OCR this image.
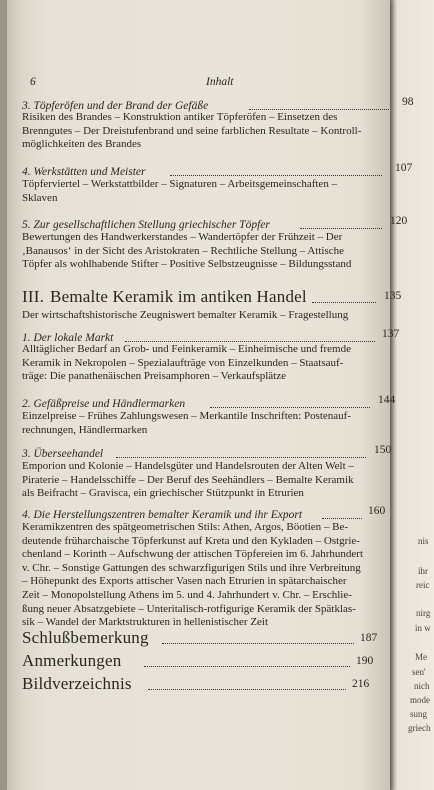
nis
ihr
reic
nirg
in w
Me
sen'
nich
mode
sung
griech
6	Inhalt
3. Töpferöfen und der Brand der Gefäße	98
Risiken des Brandes – Konstruktion antiker Töpferöfen – Einsetzen des
Brenngutes – Der Dreistufenbrand und seine farblichen Resultate – Kontroll-
möglichkeiten des Brandes
4. Werkstätten und Meister	107
Töpferviertel – Werkstattbilder – Signaturen – Arbeitsgemeinschaften –
Sklaven
5. Zur gesellschaftlichen Stellung griechischer Töpfer	120
Bewertungen des Handwerkerstandes – Wandertöpfer der Frühzeit – Der
‚Banausos‘ in der Sicht des Aristokraten – Rechtliche Stellung – Attische
Töpfer als wohlhabende Stifter – Positive Selbstzeugnisse – Bildungsstand
III. Bemalte Keramik im antiken Handel	135
Der wirtschaftshistorische Zeugniswert bemalter Keramik – Fragestellung
1. Der lokale Markt	137
Alltäglicher Bedarf an Grob- und Feinkeramik – Einheimische und fremde
Keramik in Nekropolen – Spezialaufträge von Einzelkunden – Staatsauf-
träge: Die panathenäischen Preisamphoren – Verkaufsplätze
2. Gefäßpreise und Händlermarken	144
Einzelpreise – Frühes Zahlungswesen – Merkantile Inschriften: Postenauf-
rechnungen, Händlermarken
3. Überseehandel	150
Emporion und Kolonie – Handelsgüter und Handelsrouten der Alten Welt –
Piraterie – Handelsschiffe – Der Beruf des Seehändlers – Bemalte Keramik
als Beifracht – Gravisca, ein griechischer Stützpunkt in Etrurien
4. Die Herstellungszentren bemalter Keramik und ihr Export	160
Keramikzentren des spätgeometrischen Stils: Athen, Argos, Böotien – Be-
deutende früharchaische Töpferkunst auf Kreta und den Kykladen – Ostgrie-
chenland – Korinth – Aufschwung der attischen Töpfereien im 6. Jahrhundert
v. Chr. – Sonstige Gattungen des schwarzfigurigen Stils und ihre Verbreitung
– Höhepunkt des Exports attischer Vasen nach Etrurien in spätarchaischer
Zeit – Monopolstellung Athens im 5. und 4. Jahrhundert v. Chr. – Erschlie-
ßung neuer Absatzgebiete – Unteritalisch-rotfigurige Keramik der Spätklas-
sik – Wandel der Marktstrukturen in hellenistischer Zeit
Schlußbemerkung	187
Anmerkungen	190
Bildverzeichnis	216
